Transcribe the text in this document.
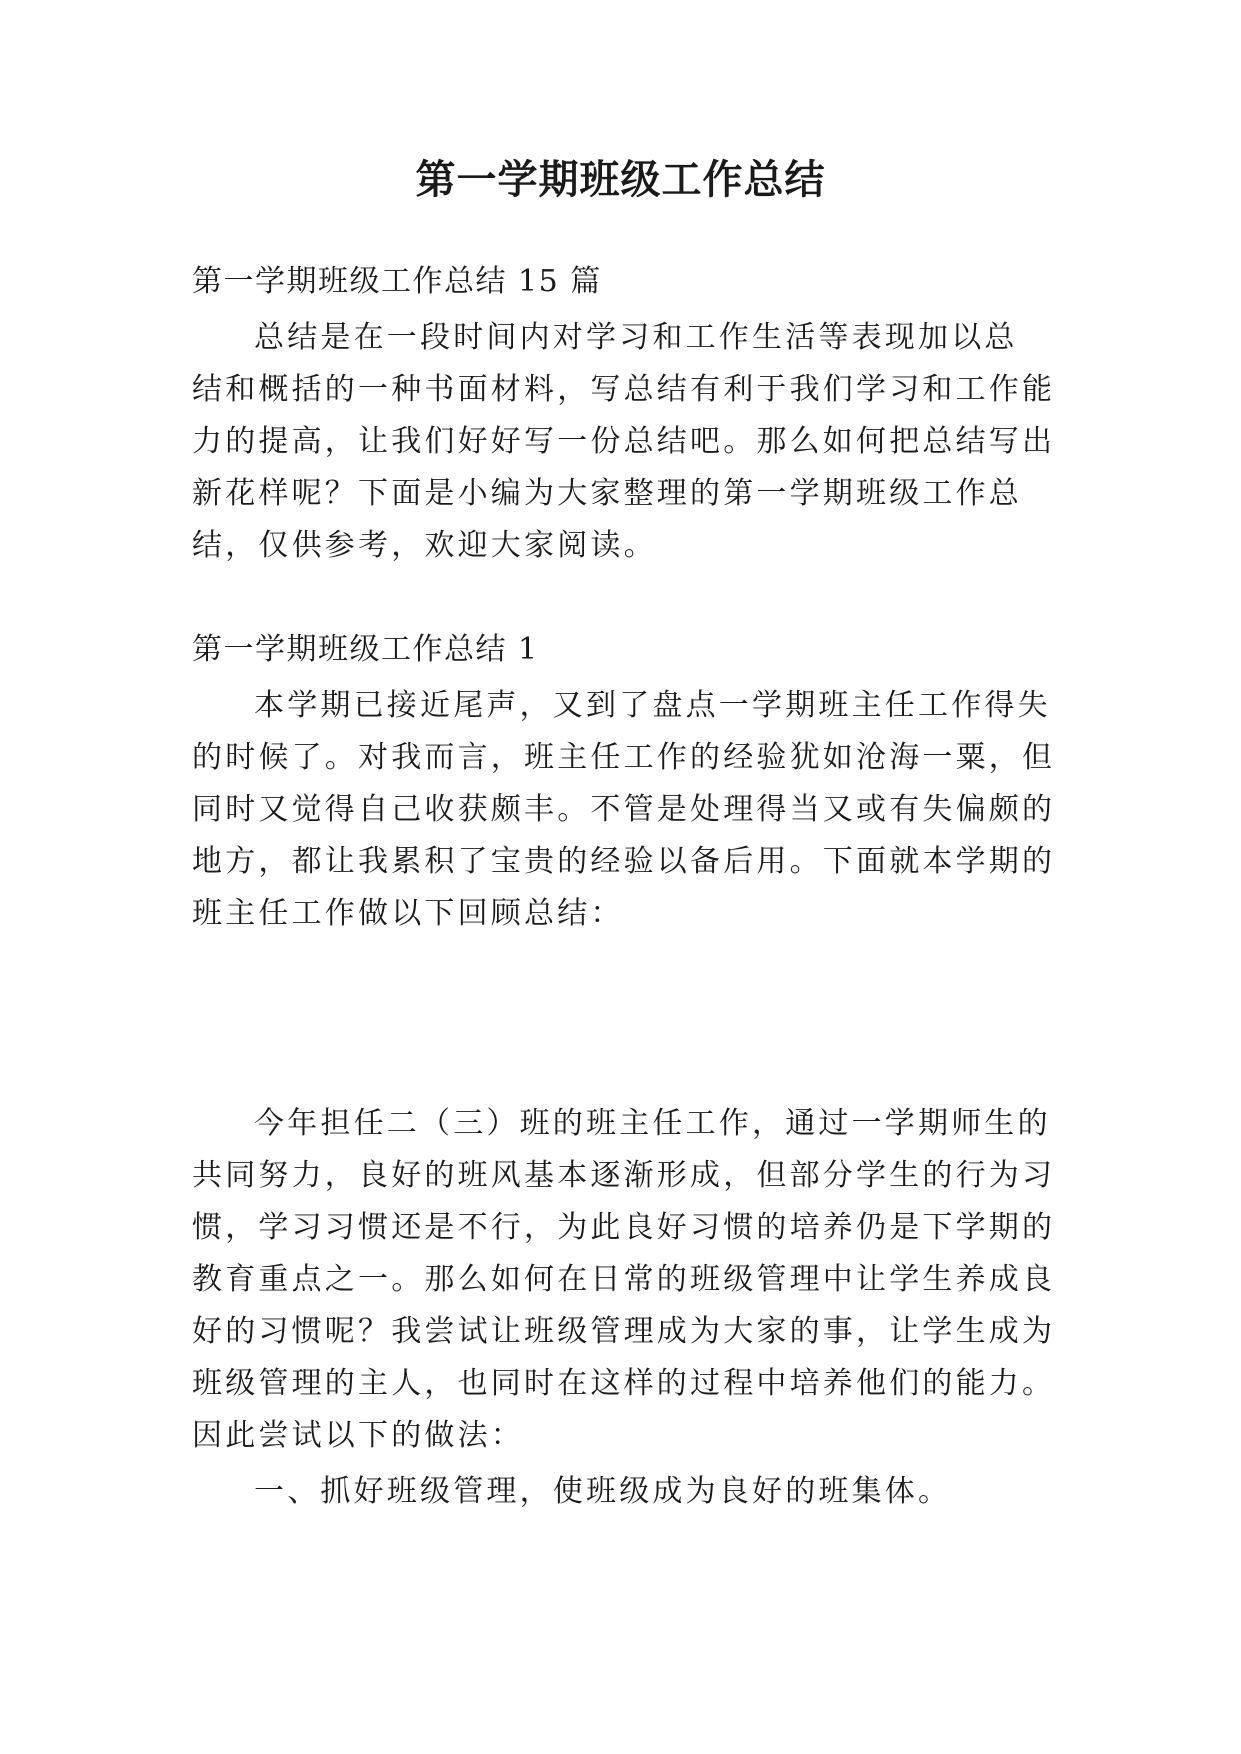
第一学期班级工作总结
第一学期班级工作总结 15 篇
总结是在一段时间内对学习和工作生活等表现加以总
结和概括的一种书面材料，写总结有利于我们学习和工作能
力的提高，让我们好好写一份总结吧。那么如何把总结写出
新花样呢？下面是小编为大家整理的第一学期班级工作总
结，仅供参考，欢迎大家阅读。
第一学期班级工作总结 1
本学期已接近尾声，又到了盘点一学期班主任工作得失
的时候了。对我而言，班主任工作的经验犹如沧海一粟，但
同时又觉得自己收获颇丰。不管是处理得当又或有失偏颇的
地方，都让我累积了宝贵的经验以备后用。下面就本学期的
班主任工作做以下回顾总结：
今年担任二（三）班的班主任工作，通过一学期师生的
共同努力，良好的班风基本逐渐形成，但部分学生的行为习
惯，学习习惯还是不行，为此良好习惯的培养仍是下学期的
教育重点之一。那么如何在日常的班级管理中让学生养成良
好的习惯呢？我尝试让班级管理成为大家的事，让学生成为
班级管理的主人，也同时在这样的过程中培养他们的能力。
因此尝试以下的做法：
一、抓好班级管理，使班级成为良好的班集体。
